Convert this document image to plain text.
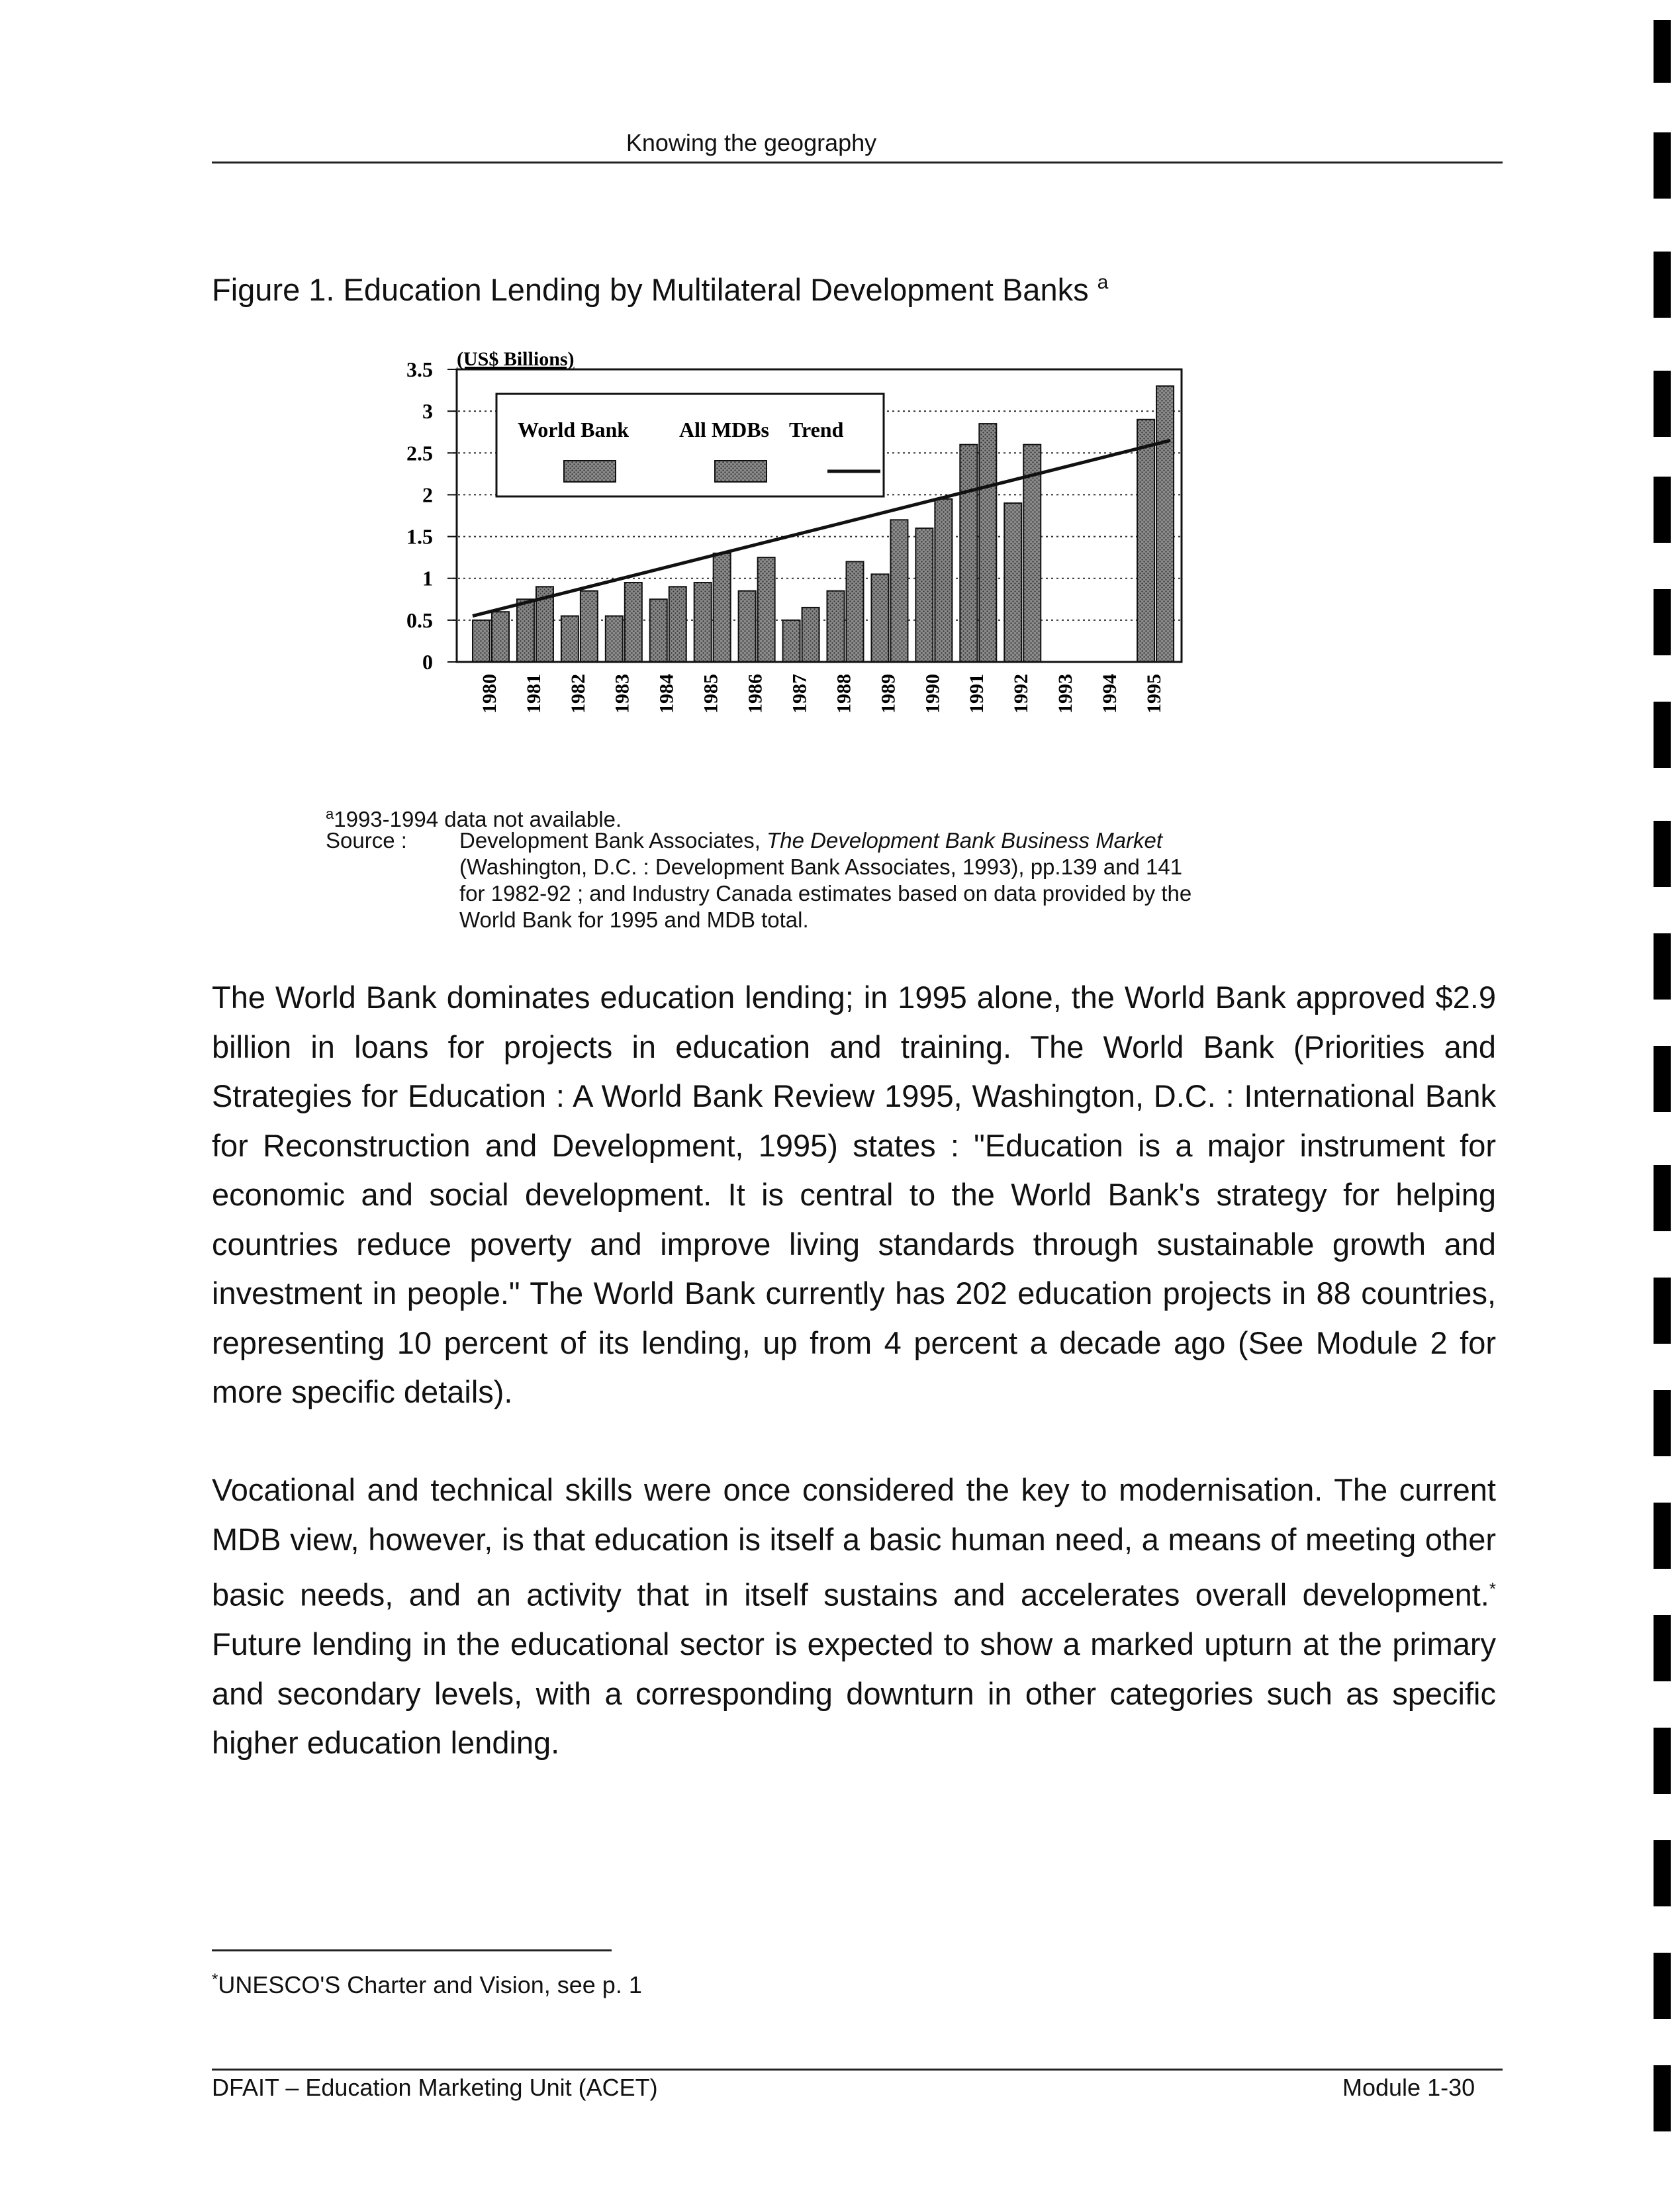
Knowing the geography
Figure 1. Education Lending by Multilateral Development Banks $^a$
3.5
3
2.5
2
1.5
1
0.5
0
1980 1981 1982 1983 1984 1985 1986 1987 1988 1989 1990 1991 1992 1993 1994 1995
(US$ Billions)
World Bank All MDBs Trend
$^a$1993-1994 data not available.
Source : Development Bank Associates, The Development Bank Business Market
(Washington, D.C. : Development Bank Associates, 1993), pp.139 and 141
for 1982-92 ; and Industry Canada estimates based on data provided by the
World Bank for 1995 and MDB total.
The World Bank dominates education lending; in 1995 alone, the World Bank approved $2.9 billion in loans for projects in education and training. The World Bank (Priorities and Strategies for Education : A World Bank Review 1995, Washington, D.C. : International Bank for Reconstruction and Development, 1995) states : "Education is a major instrument for economic and social development. It is central to the World Bank's strategy for helping countries reduce poverty and improve living standards through sustainable growth and investment in people." The World Bank currently has 202 education projects in 88 countries, representing 10 percent of its lending, up from 4 percent a decade ago (See Module 2 for more specific details).
Vocational and technical skills were once considered the key to modernisation. The current MDB view, however, is that education is itself a basic human need, a means of meeting other basic needs, and an activity that in itself sustains and accelerates overall development.* Future lending in the educational sector is expected to show a marked upturn at the primary and secondary levels, with a corresponding downturn in other categories such as specific higher education lending.
*UNESCO'S Charter and Vision, see p. 1
DFAIT – Education Marketing Unit (ACET)	Module 1-30
